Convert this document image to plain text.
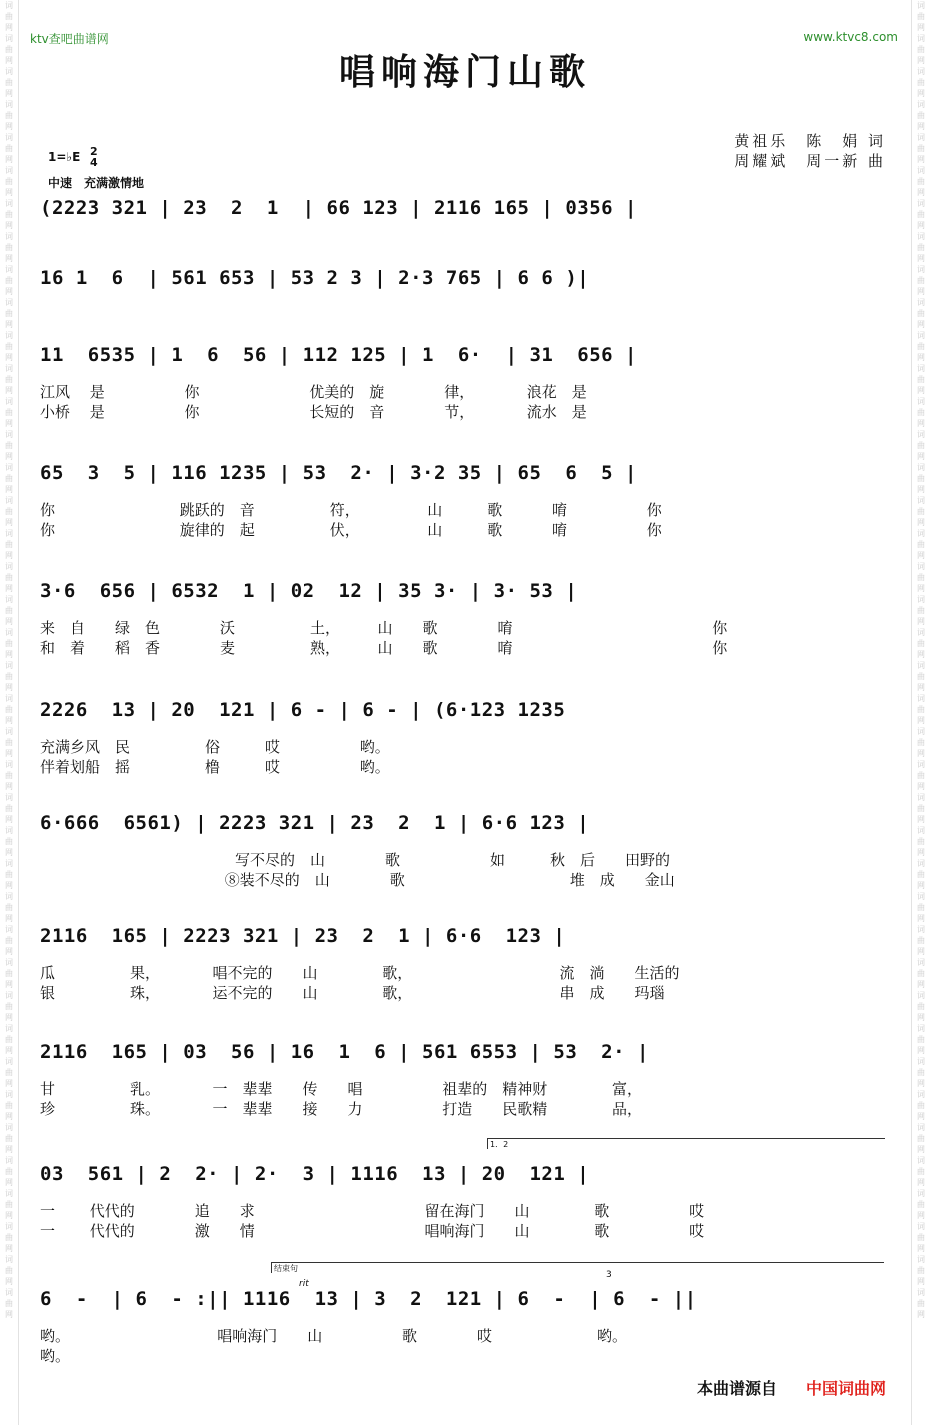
词曲网词曲网词曲网词曲网词曲网词曲网词曲网词曲网词曲网词曲网词曲网词曲网词曲网词曲网词曲网词曲网词曲网词曲网词曲网词曲网词曲网词曲网词曲网词曲网词曲网词曲网词曲网词曲网词曲网词曲网词曲网词曲网词曲网词曲网词曲网词曲网词曲网词曲网词曲网词曲网
词曲网词曲网词曲网词曲网词曲网词曲网词曲网词曲网词曲网词曲网词曲网词曲网词曲网词曲网词曲网词曲网词曲网词曲网词曲网词曲网词曲网词曲网词曲网词曲网词曲网词曲网词曲网词曲网词曲网词曲网词曲网词曲网词曲网词曲网词曲网词曲网词曲网词曲网词曲网词曲网
ktv查吧曲谱网	www.ktvc8.com
唱响海门山歌
黄祖乐　陈　娟 词
周耀斌　周一新 曲
1=♭E 2
4
中速　充满激情地
(2223 321 | 23  2  1  | 66 123 | 2116 165 | 0356 |
16 1  6  | 561 653 | 53 2 3 | 2·3 765 | 6 6 )|
11  6535 | 1  6  56 | 112 125 | 1  6·  | 31  656 |
江风　 是　　　　　 你　　　　　　　 优美的　旋　　　　律，　　　　浪花　是
小桥　 是　　　　　 你　　　　　　　 长短的　音　　　　节，　　　　流水　是
65  3  5 | 116 1235 | 53  2· | 3·2 35 | 65  6  5 |
你　　　　　　　　 跳跃的　音　　　　　符，　　　　　山　　　歌　　　 唷　　　　　 你
你　　　　　　　　 旋律的　起　　　　　伏，　　　　　山　　　歌　　　 唷　　　　　 你
3·6  656 | 6532  1 | 02  12 | 35 3· | 3· 53 |
来　自　　绿　色　　　　沃　　　　　土，　　　山　　歌　　　　唷　　　　　　　　　　　　　 你
和　着　　稻　香　　　　麦　　　　　熟，　　　山　　歌　　　　唷　　　　　　　　　　　　　 你
2226  13 | 20  121 | 6 - | 6 - | (6·123 1235
充满乡风　民　　　　　俗　　　哎　　　　　 哟。
伴着划船　摇　　　　　橹　　　哎　　　　　 哟。
6·666  6561) | 2223 321 | 23  2  1 | 6·6 123 |
　　　　　　　　　　　　　写不尽的　山　　　　歌　　　　　　如　　　秋　后　　田野的
　　　　　　　　　　　　 ⑧装不尽的　山　　　　歌　　　　　　　　　　　堆　成　　金山
2116  165 | 2223 321 | 23  2  1 | 6·6  123 |
瓜　　　　　果，　　　　唱不完的　　山　　　　 歌，　　　　　　　　　　 流　淌　　生活的
银　　　　　珠，　　　　运不完的　　山　　　　 歌，　　　　　　　　　　 串　成　　玛瑙
2116  165 | 03  56 | 16  1  6 | 561 6553 | 53  2· |
甘　　　　　乳。　　　　一　辈辈　　传　　唱　　　　　 祖辈的　精神财　　　　 富，
珍　　　　　珠。　　　　一　辈辈　　接　　力　　　　　 打造　　民歌精　　　　 品，
03  561 | 2  2· | 2·  3 | 1116  13 | 20  121 |
一　　 代代的　　　　追　　求　　　　　　　　　　　 留在海门　　山　　　　 歌　　　　　 哎
一　　 代代的　　　　激　　情　　　　　　　　　　　 唱响海门　　山　　　　 歌　　　　　 哎
6  -  | 6  - :|| 1116  13 | 3  2  121 | 6  -  | 6  - ||
哟。　　　　　　　　　　 唱响海门　　山　　　　　 歌　　　　哎　　　　　　　哟。
哟。
1．2
结束句
rit
3
本曲谱源自 中国词曲网
